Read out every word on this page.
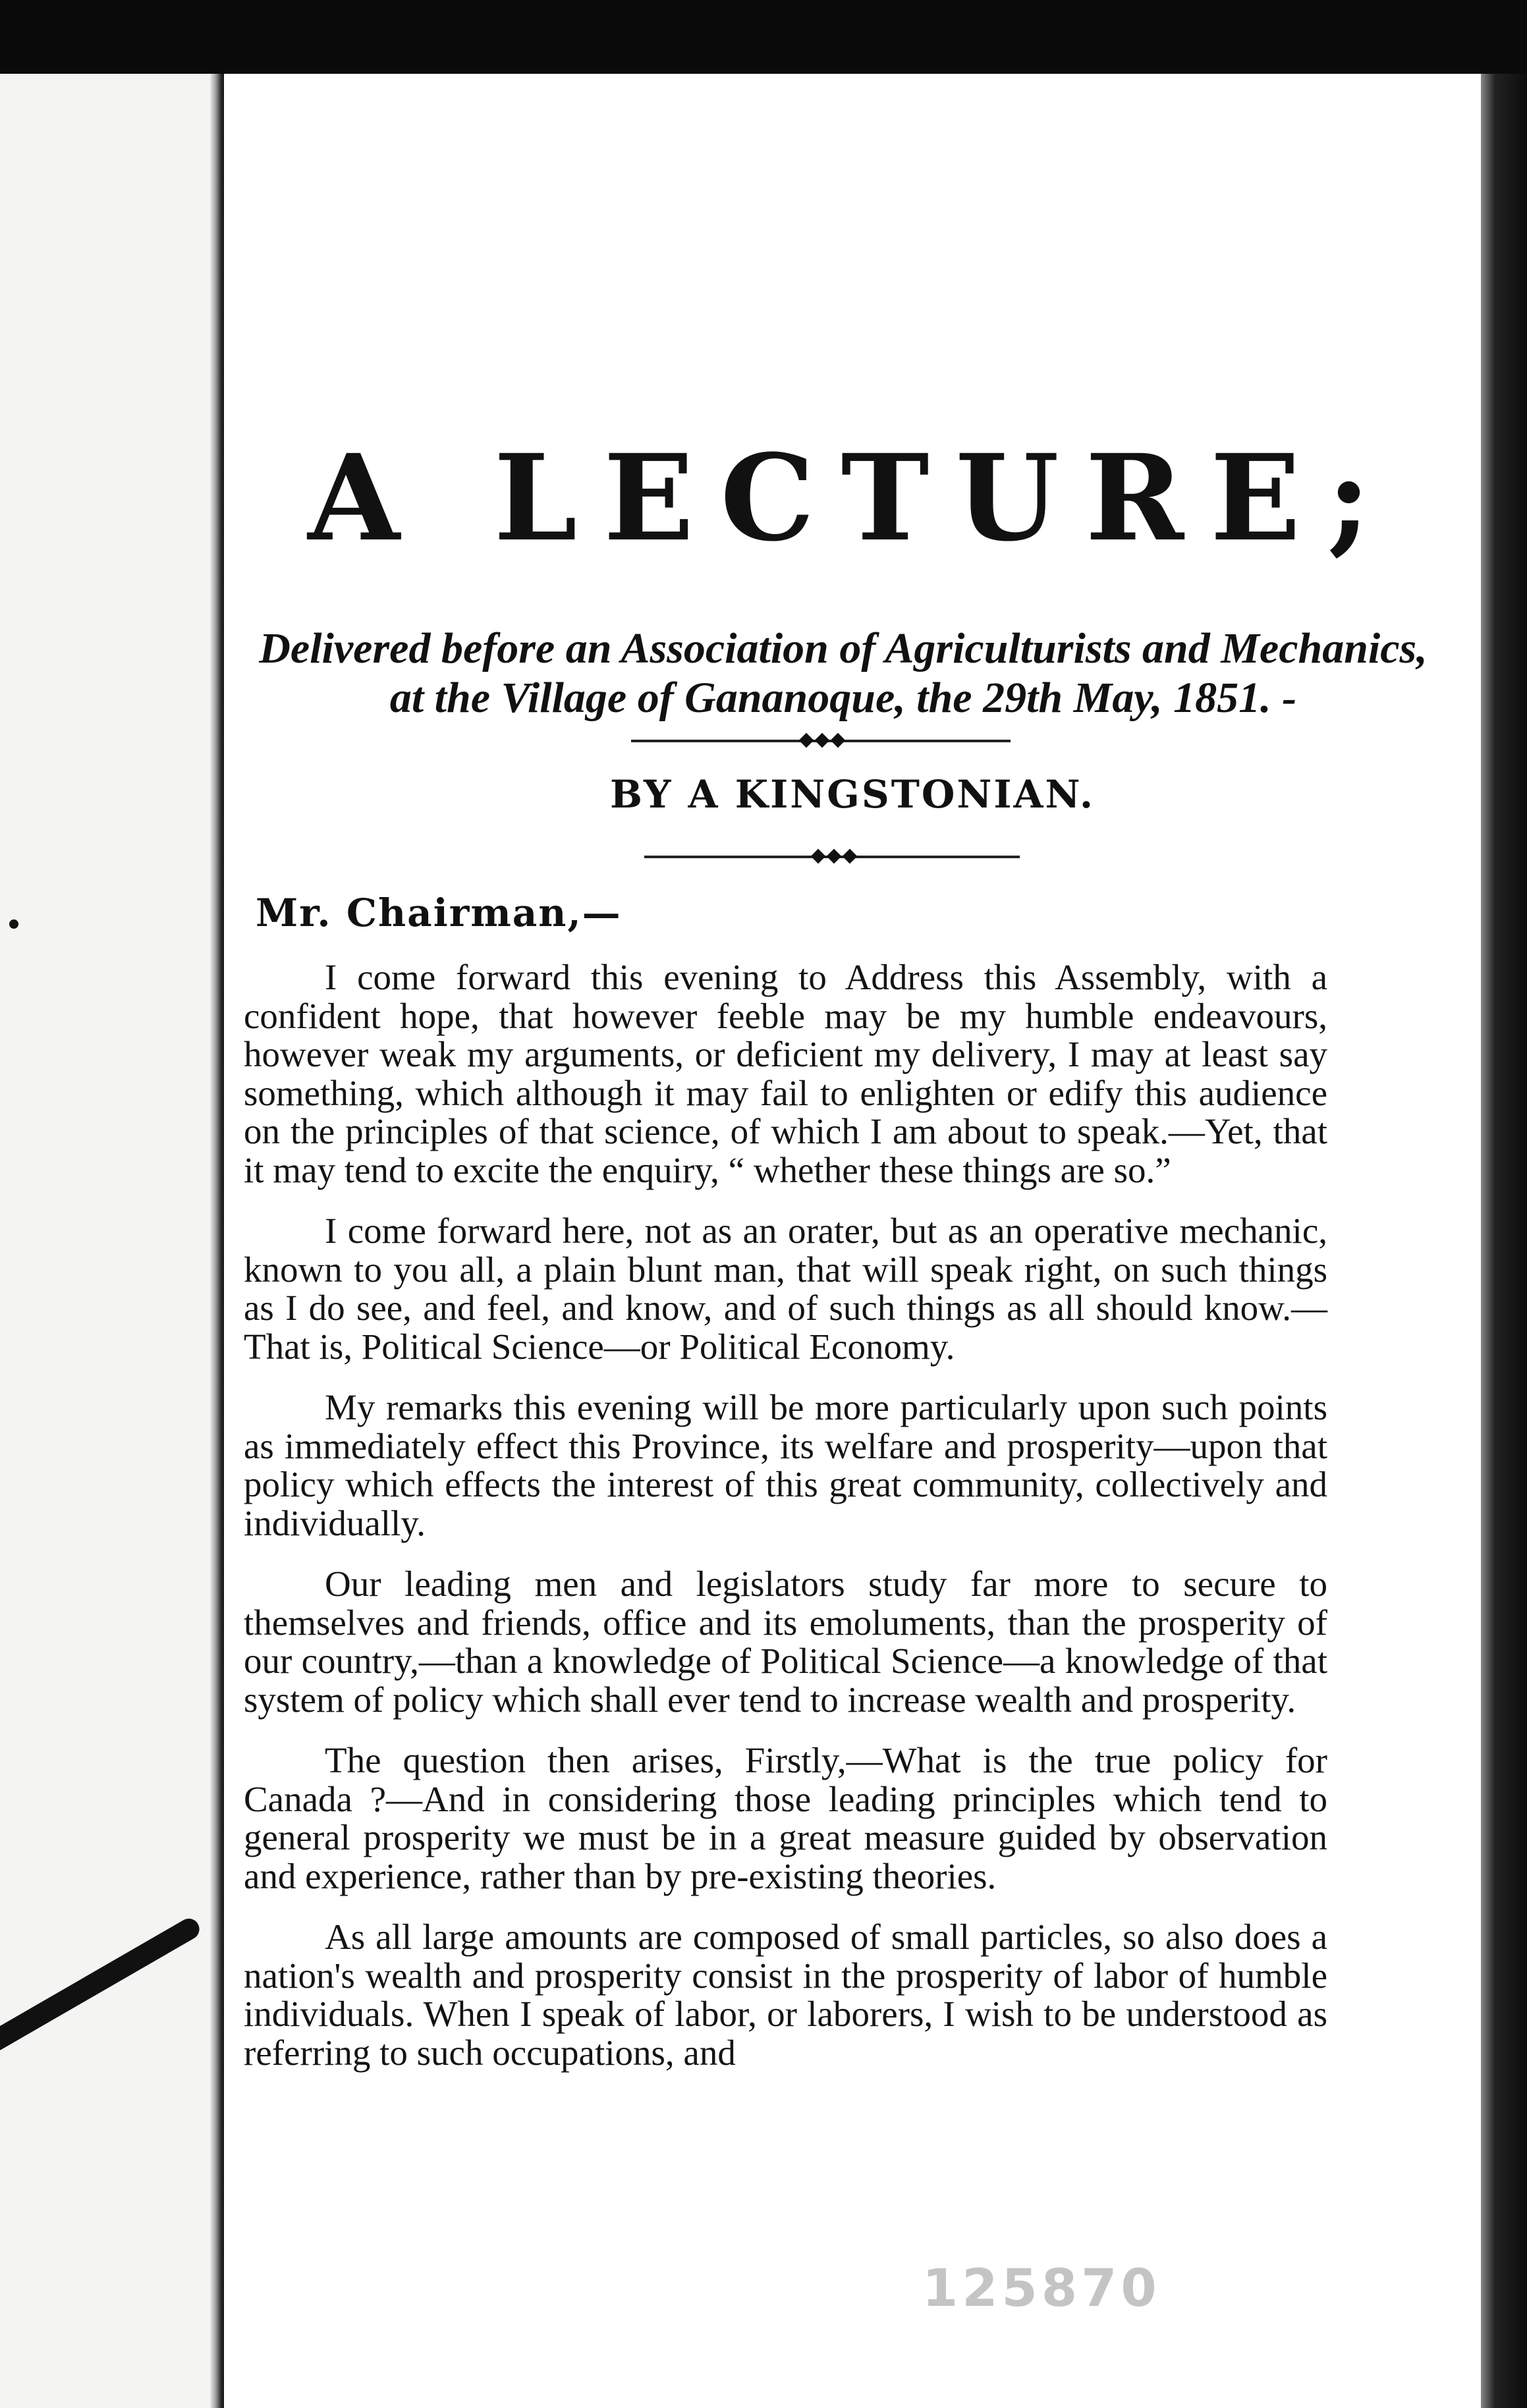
A LECTURE;
Delivered before an Association of Agriculturists and Mechanics,
at the Village of Gananoque, the 29th May, 1851. -
BY A KINGSTONIAN.
Mr. Chairman,—

I come forward this evening to Address this Assembly, with a confident hope, that however feeble may be my humble endeavours, however weak my arguments, or deficient my delivery, I may at least say something, which although it may fail to enlighten or edify this audience on the principles of that science, of which I am about to speak.—Yet, that it may tend to excite the enquiry, “ whether these things are so.”

I come forward here, not as an orater, but as an operative mechanic, known to you all, a plain blunt man, that will speak right, on such things as I do see, and feel, and know, and of such things as all should know.—That is, Political Science—or Political Economy.

My remarks this evening will be more particularly upon such points as immediately effect this Province, its welfare and prosperity—upon that policy which effects the interest of this great community, collectively and individually.

Our leading men and legislators study far more to secure to themselves and friends, office and its emoluments, than the prosperity of our country,—than a knowledge of Political Science—a knowledge of that system of policy which shall ever tend to increase wealth and prosperity.

The question then arises, Firstly,—What is the true policy for Canada ?—And in considering those leading principles which tend to general prosperity we must be in a great measure guided by observation and experience, rather than by pre-existing theories.

As all large amounts are composed of small particles, so also does a nation's wealth and prosperity consist in the prosperity of labor of humble individuals. When I speak of labor, or laborers, I wish to be understood as referring to such occupations, and

125870
